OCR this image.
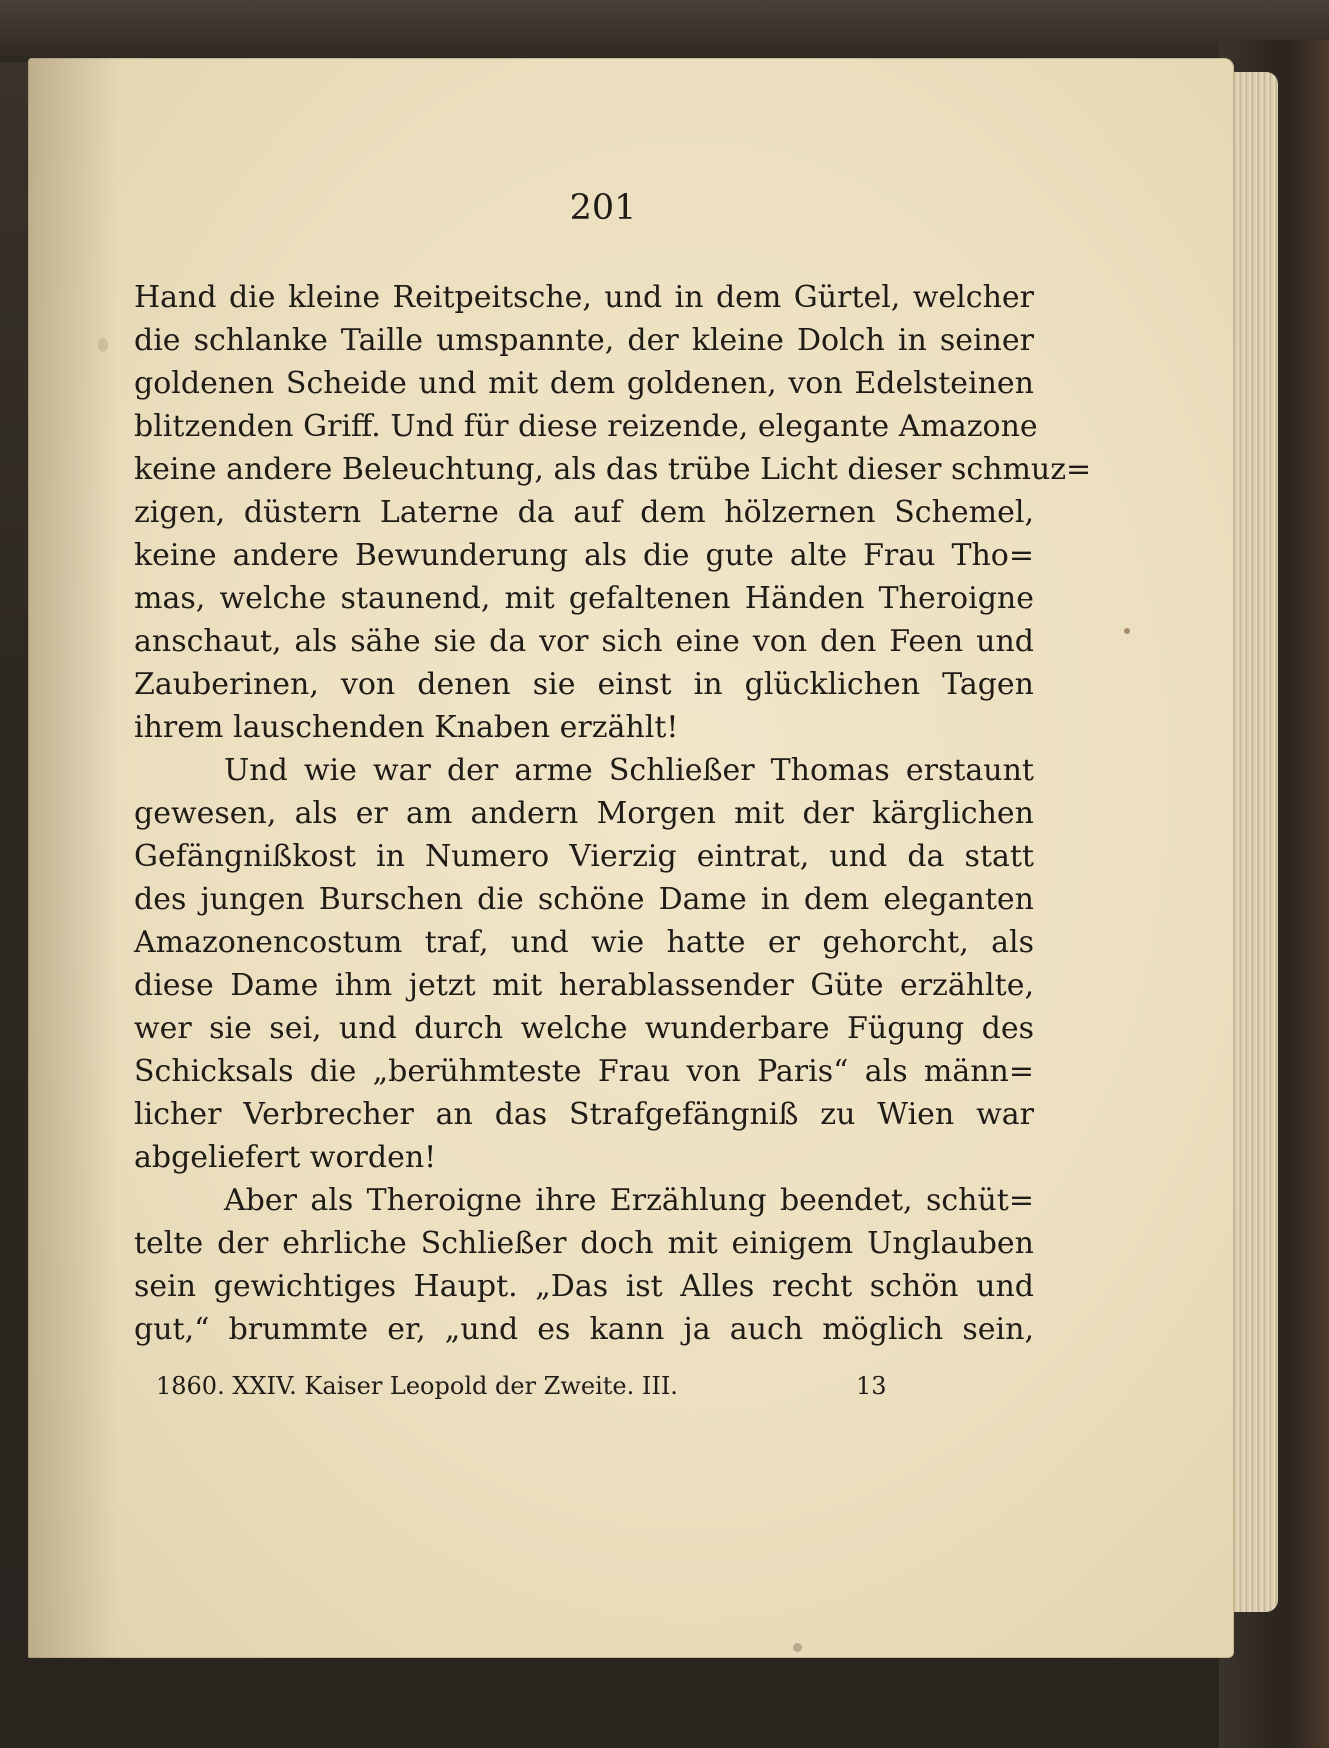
201
Hand die kleine Reitpeitsche, und in dem Gürtel, welcher
die schlanke Taille umspannte, der kleine Dolch in seiner
goldenen Scheide und mit dem goldenen, von Edelsteinen
blitzenden Griff. Und für diese reizende, elegante Amazone
keine andere Beleuchtung, als das trübe Licht dieser schmuz=
zigen, düstern Laterne da auf dem hölzernen Schemel,
keine andere Bewunderung als die gute alte Frau Tho=
mas, welche staunend, mit gefaltenen Händen Theroigne
anschaut, als sähe sie da vor sich eine von den Feen und
Zauberinen, von denen sie einst in glücklichen Tagen
ihrem lauschenden Knaben erzählt!
Und wie war der arme Schließer Thomas erstaunt
gewesen, als er am andern Morgen mit der kärglichen
Gefängnißkost in Numero Vierzig eintrat, und da statt
des jungen Burschen die schöne Dame in dem eleganten
Amazonencostum traf, und wie hatte er gehorcht, als
diese Dame ihm jetzt mit herablassender Güte erzählte,
wer sie sei, und durch welche wunderbare Fügung des
Schicksals die „berühmteste Frau von Paris“ als männ=
licher Verbrecher an das Strafgefängniß zu Wien war
abgeliefert worden!
Aber als Theroigne ihre Erzählung beendet, schüt=
telte der ehrliche Schließer doch mit einigem Unglauben
sein gewichtiges Haupt. „Das ist Alles recht schön und
gut,“ brummte er, „und es kann ja auch möglich sein,
1860. XXIV. Kaiser Leopold der Zweite. III.	13
